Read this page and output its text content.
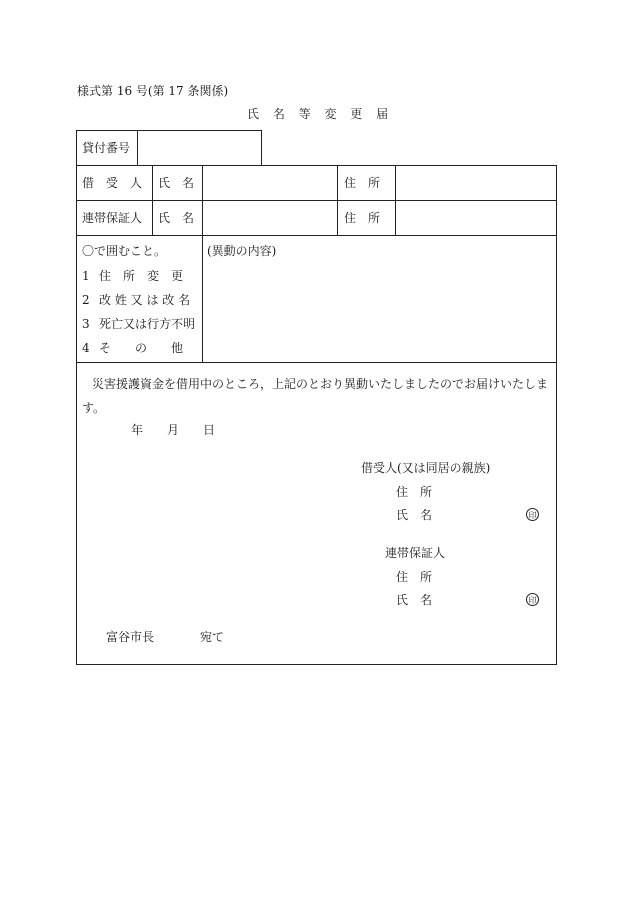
様式第 16 号(第 17 条関係)
氏 名 等 変 更 届
貸付番号
借　受　人 氏　名	住　所
連帯保証人 氏　名	住　所
〇で囲むこと。
1 住　所　変　更
2 改 姓 又 は 改 名
3 死亡又は行方不明
4 そ　　の　　他
(異動の内容)
災害援護資金を借用中のところ，上記のとおり異動いたしましたのでお届けいたしま
す。
年 月 日
借受人(又は同居の親族)
住　所
氏　名	印
連帯保証人
住　所
氏　名	印
富谷市長	宛て
